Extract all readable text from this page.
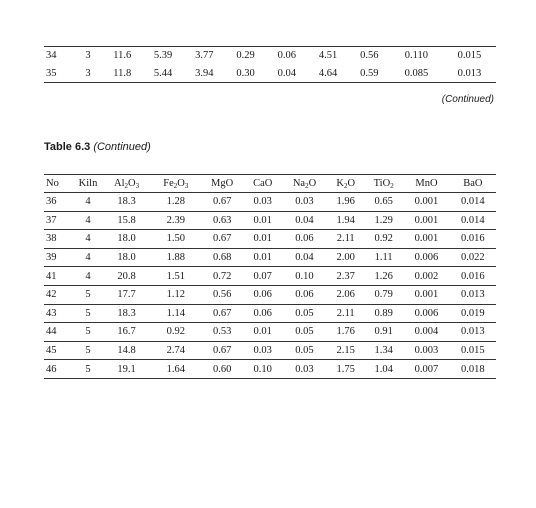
34	3	11.6	5.39	3.77	0.29	0.06	4.51	0.56	0.110	0.015
35	3	11.8	5.44	3.94	0.30	0.04	4.64	0.59	0.085	0.013
(Continued)
Table 6.3 (Continued)
No	Kiln	$Al_2O_3$	$Fe_2O_3$	MgO	CaO	$Na_2O$	$K_2O$	TiO$_2$	MnO	BaO
36	4	18.3	1.28	0.67	0.03	0.03	1.96	0.65	0.001	0.014
37	4	15.8	2.39	0.63	0.01	0.04	1.94	1.29	0.001	0.014
38	4	18.0	1.50	0.67	0.01	0.06	2.11	0.92	0.001	0.016
39	4	18.0	1.88	0.68	0.01	0.04	2.00	1.11	0.006	0.022
41	4	20.8	1.51	0.72	0.07	0.10	2.37	1.26	0.002	0.016
42	5	17.7	1.12	0.56	0.06	0.06	2.06	0.79	0.001	0.013
43	5	18.3	1.14	0.67	0.06	0.05	2.11	0.89	0.006	0.019
44	5	16.7	0.92	0.53	0.01	0.05	1.76	0.91	0.004	0.013
45	5	14.8	2.74	0.67	0.03	0.05	2.15	1.34	0.003	0.015
46	5	19.1	1.64	0.60	0.10	0.03	1.75	1.04	0.007	0.018
